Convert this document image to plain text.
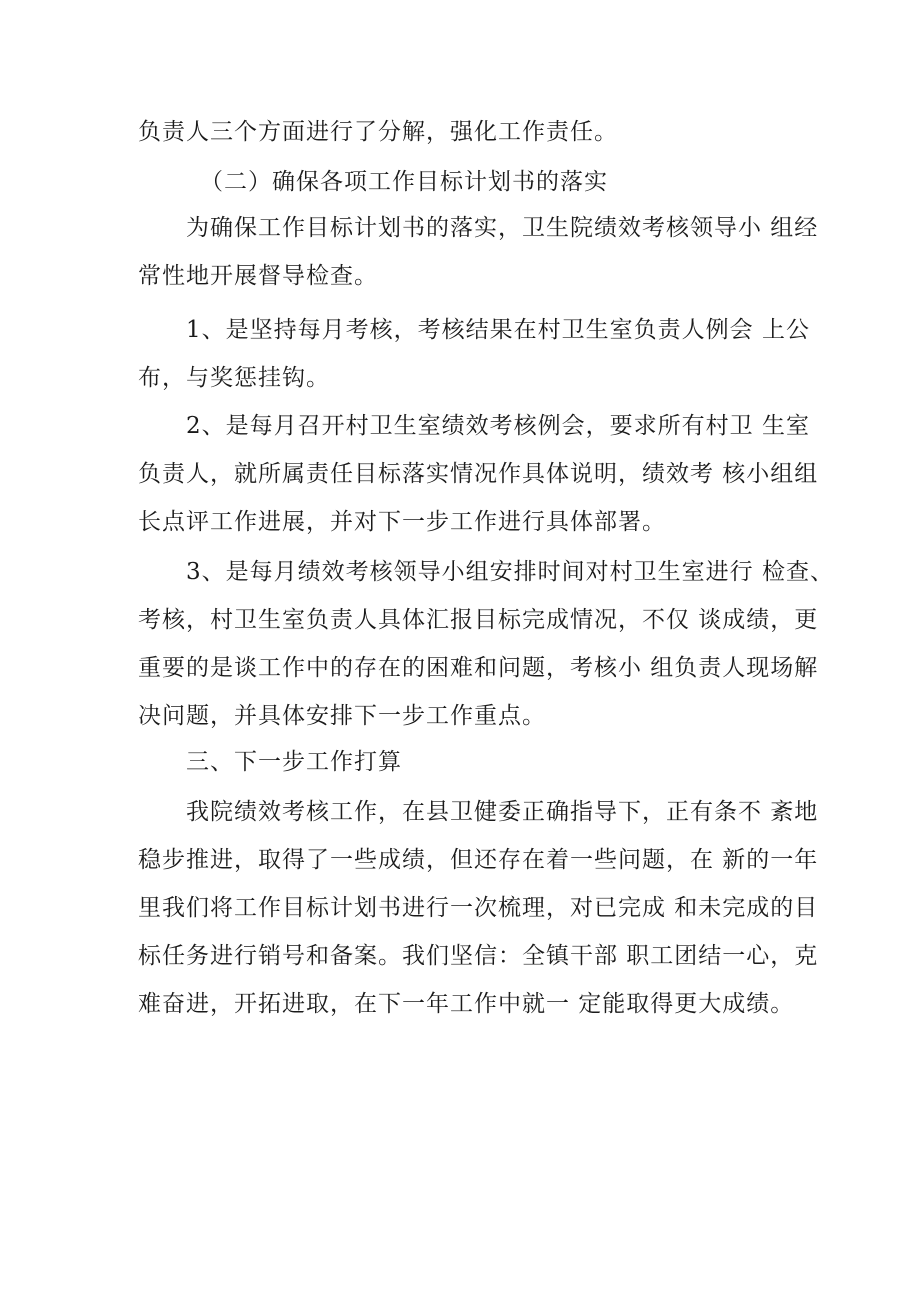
负责人三个方面进行了分解，强化工作责任。
（二）确保各项工作目标计划书的落实
为确保工作目标计划书的落实，卫生院绩效考核领导小 组经
常性地开展督导检查。
1、是坚持每月考核，考核结果在村卫生室负责人例会 上公
布，与奖惩挂钩。
2、是每月召开村卫生室绩效考核例会，要求所有村卫 生室
负责人，就所属责任目标落实情况作具体说明，绩效考 核小组组
长点评工作进展，并对下一步工作进行具体部署。
3、是每月绩效考核领导小组安排时间对村卫生室进行 检查、
考核，村卫生室负责人具体汇报目标完成情况，不仅 谈成绩，更
重要的是谈工作中的存在的困难和问题，考核小 组负责人现场解
决问题，并具体安排下一步工作重点。
三、下一步工作打算
我院绩效考核工作，在县卫健委正确指导下，正有条不 紊地
稳步推进，取得了一些成绩，但还存在着一些问题，在 新的一年
里我们将工作目标计划书进行一次梳理，对已完成 和未完成的目
标任务进行销号和备案。我们坚信：全镇干部 职工团结一心，克
难奋进，开拓进取，在下一年工作中就一 定能取得更大成绩。
